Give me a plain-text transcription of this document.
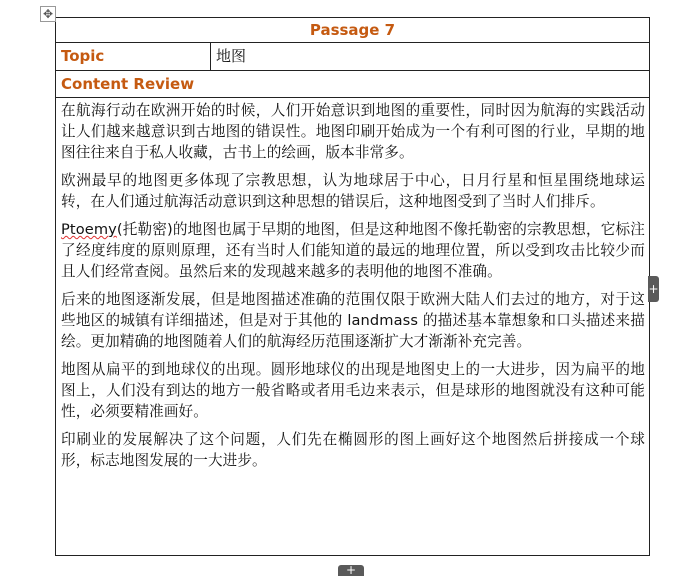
✥
Passage 7
Topic	地图
Content Review

在航海行动在欧洲开始的时候，人们开始意识到地图的重要性，同时因为航海的实践活动让人们越来越意识到古地图的错误性。地图印刷开始成为一个有利可图的行业，早期的地图往往来自于私人收藏，古书上的绘画，版本非常多。

欧洲最早的地图更多体现了宗教思想，认为地球居于中心，日月行星和恒星围绕地球运转，在人们通过航海活动意识到这种思想的错误后，这种地图受到了当时人们排斥。

Ptoemy(托勒密)的地图也属于早期的地图，但是这种地图不像托勒密的宗教思想，它标注了经度纬度的原则原理，还有当时人们能知道的最远的地理位置，所以受到攻击比较少而且人们经常查阅。虽然后来的发现越来越多的表明他的地图不准确。

后来的地图逐渐发展，但是地图描述准确的范围仅限于欧洲大陆人们去过的地方，对于这些地区的城镇有详细描述，但是对于其他的 landmass 的描述基本靠想象和口头描述来描绘。更加精确的地图随着人们的航海经历范围逐渐扩大才渐渐补充完善。

地图从扁平的到地球仪的出现。圆形地球仪的出现是地图史上的一大进步，因为扁平的地图上，人们没有到达的地方一般省略或者用毛边来表示，但是球形的地图就没有这种可能性，必须要精准画好。

印刷业的发展解决了这个问题，人们先在椭圆形的图上画好这个地图然后拼接成一个球形，标志地图发展的一大进步。

+
+
